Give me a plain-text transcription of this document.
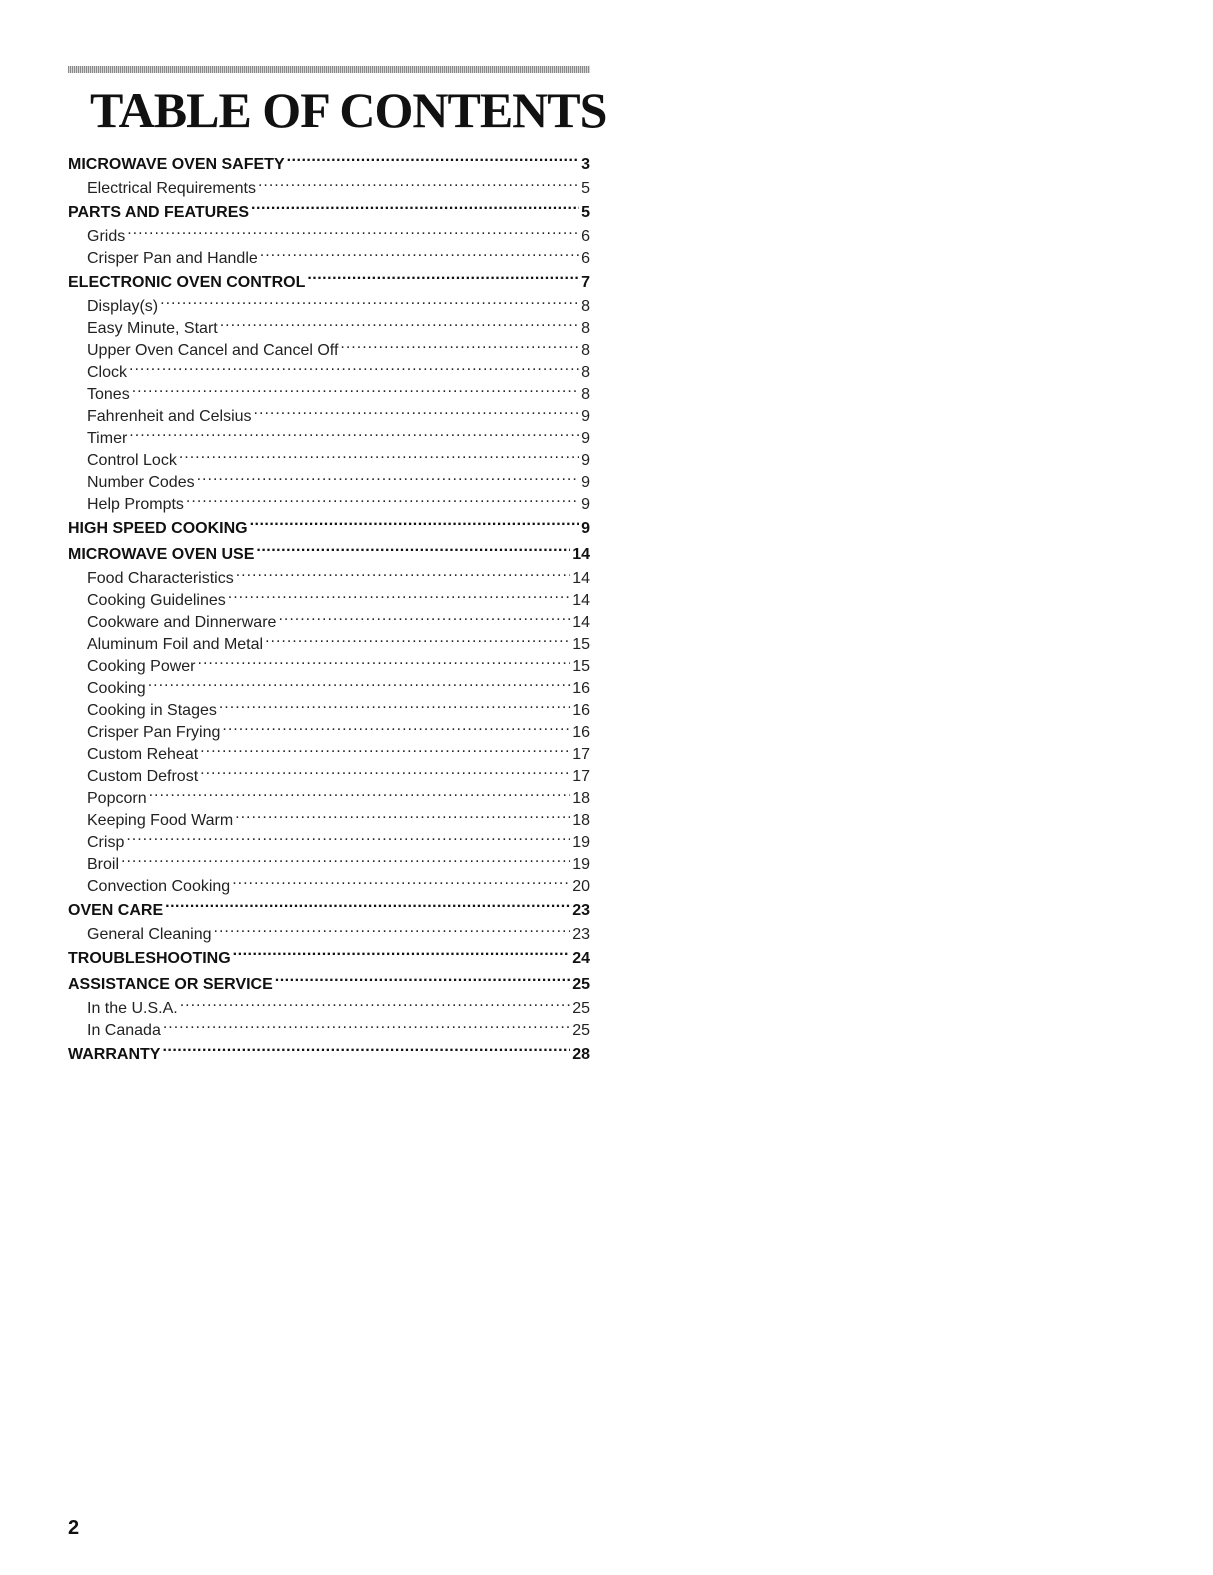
TABLE OF CONTENTS
MICROWAVE OVEN SAFETY .....	3
Electrical Requirements .....	5
PARTS AND FEATURES .....	5
Grids .....	6
Crisper Pan and Handle .....	6
ELECTRONIC OVEN CONTROL .....	7
Display(s) .....	8
Easy Minute, Start .....	8
Upper Oven Cancel and Cancel Off .....	8
Clock .....	8
Tones .....	8
Fahrenheit and Celsius .....	9
Timer .....	9
Control Lock .....	9
Number Codes .....	9
Help Prompts .....	9
HIGH SPEED COOKING .....	9
MICROWAVE OVEN USE .....	14
Food Characteristics .....	14
Cooking Guidelines .....	14
Cookware and Dinnerware .....	14
Aluminum Foil and Metal .....	15
Cooking Power .....	15
Cooking .....	16
Cooking in Stages .....	16
Crisper Pan Frying .....	16
Custom Reheat .....	17
Custom Defrost .....	17
Popcorn .....	18
Keeping Food Warm .....	18
Crisp .....	19
Broil .....	19
Convection Cooking .....	20
OVEN CARE .....	23
General Cleaning .....	23
TROUBLESHOOTING .....	24
ASSISTANCE OR SERVICE .....	25
In the U.S.A. .....	25
In Canada .....	25
WARRANTY .....	28
2
